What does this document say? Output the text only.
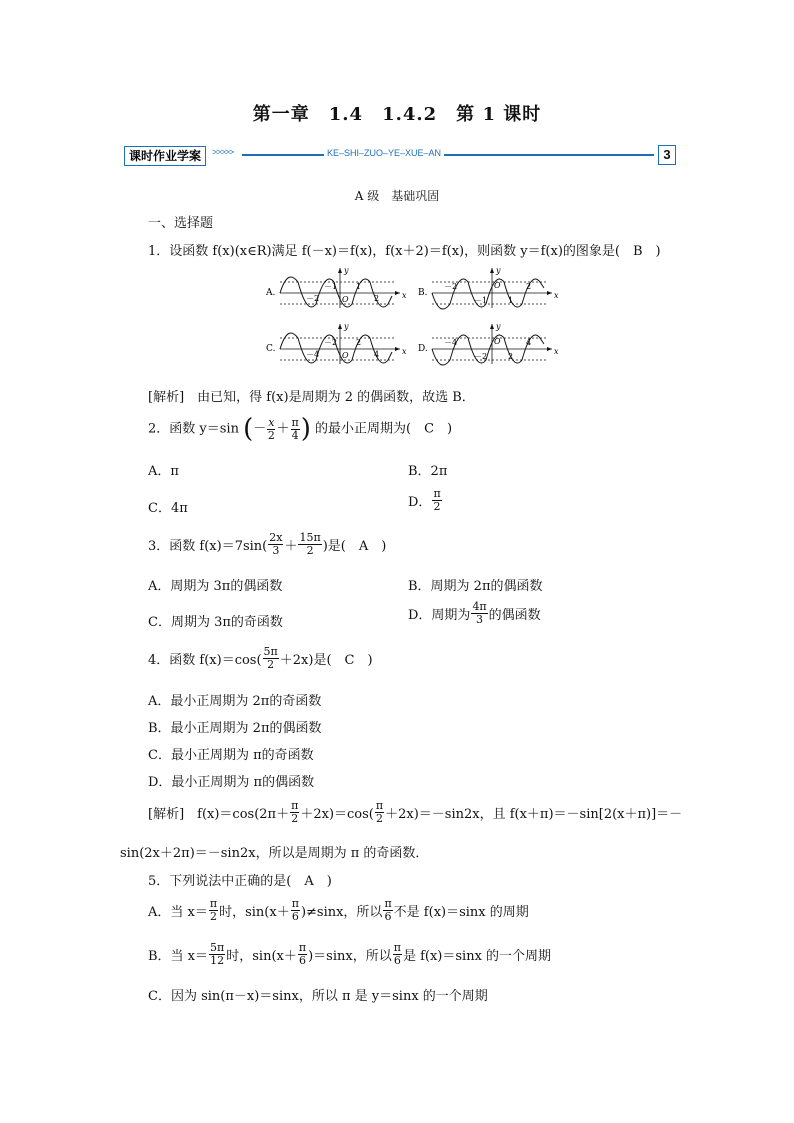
第一章　1.4　1.4.2　第 1 课时
课时作业学案	>>>>>	KE–SHI–ZUO–YE–XUE–AN	3
A 级　基础巩固
一、选择题
1．设函数 f(x)(x∈R)满足 f(－x)＝f(x)，f(x＋2)＝f(x)，则函数 y＝f(x)的图象是(　B　)
A.
－2
－1 1
2
O	x
y
B.
－2
－1	1
2
O
x
y
C.
－4
－2 2
4
O	x
y
D.
－4
－2	2
4
O
x
y
[解析]　由已知，得 f(x)是周期为 2 的偶函数，故选 B．
2．函数 y＝sin (－ $\frac{x}{2} + \frac{\pi}{4}$ ) 的最小正周期为(　C　)
A．π	B．2π
C．4π	D． $\frac{\pi}{2}$
3．函数 $f(x)=7\sin( \frac{2x}{3} + \frac{15\pi}{2}$ )是(　A　)
A．周期为 3π的偶函数	B．周期为 2π的偶函数
C．周期为 3π的奇函数	D．周期为 $\frac{4\pi}{3}$ 的偶函数
4．函数 $f(x)=\cos( \frac{5\pi}{2} +2x)$是(　C　)
A．最小正周期为 2π的奇函数
B．最小正周期为 2π的偶函数
C．最小正周期为 π的奇函数
D．最小正周期为 π的偶函数
[解析]　$f(x)=\cos(2\pi+ \frac{\pi}{2} +2x)=\cos( \frac{\pi}{2} +2x)=-\sin 2x$，且 f(x＋π)＝－sin[2(x＋π)]＝－
sin(2x＋2π)＝－sin2x，所以是周期为 π 的奇函数．
5．下列说法中正确的是(　A　)
A．当 $x= \frac{\pi}{2}$ 时，$\sin(x+ \frac{\pi}{6} )\ne\sin x$，所以 $\frac{\pi}{6}$ 不是 f(x)＝sinx 的周期
B．当 $x= \frac{5\pi}{12}$ 时，$\sin(x+ \frac{\pi}{6} )=\sin x$，所以 $\frac{\pi}{6}$ 是 f(x)＝sinx 的一个周期
C．因为 sin(π－x)＝sinx，所以 π 是 y＝sinx 的一个周期
